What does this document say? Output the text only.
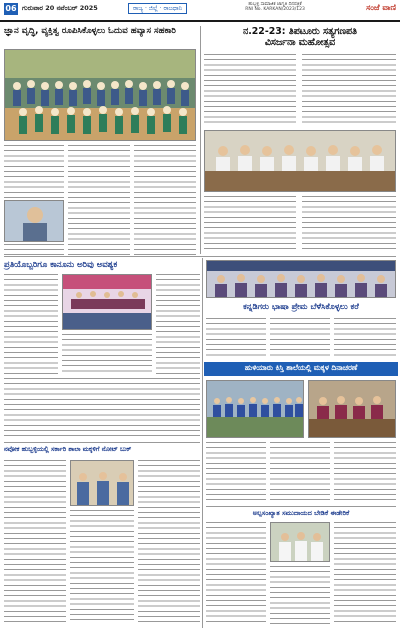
06 ಗುರುವಾರ 20 ನವೆಂಬರ್ 2025	ರಾಜ್ಯ · ಜಿಲ್ಲೆ · ರಾಜಧಾನಿ
ಹುಬ್ಬಳ್ಳಿ ಸಾಮಾಜಿಕ ಜಾಗೃತಿ ದಿನಪತ್ರಿಕೆ
RNI No. KARKAN/2023/123	ಸಂಜೆ ವಾಣಿ
ಜ್ಞಾನ ವೃದ್ಧಿ, ವ್ಯಕ್ತಿತ್ವ ರೂಪಿಸಿಕೊಳ್ಳಲು ಓದುವ ಹವ್ಯಾಸ ಸಹಕಾರಿ	ನ.22-23: ತಿಪಟೂರು ಸತ್ಯಗಣಪತಿ
ವಿಸರ್ಜನಾ ಮಹೋತ್ಸವ
ಪ್ರತಿಯೊಬ್ಬರಿಗೂ ಕಾನೂನು ಅರಿವು ಅವಶ್ಯಕ
ಕನ್ನಡಿಗರು ಭಾಷಾ ಪ್ರೇಮ ಬೆಳೆಸಿಕೊಳ್ಳಲು ಕರೆ
ಹುಳಿಯಾರು ಕಿಸ್ತಿ ಶಾಲೆಯಲ್ಲಿ ಮಕ್ಕಳ ದಿನಾಚರಣೆ
ನವೋಕ ಹುಬ್ಬಳ್ಳಿಯಲ್ಲಿ ಸರ್ಕಾರಿ ಶಾಲಾ ಮಕ್ಕಳಿಗೆ ನೋಟ್ ಬುಕ್
ಅಲ್ಪಸಂಖ್ಯಾತ ಸಮುದಾಯದ ಬೇಡಿಕೆ ಈಡೇರಿಕೆ
